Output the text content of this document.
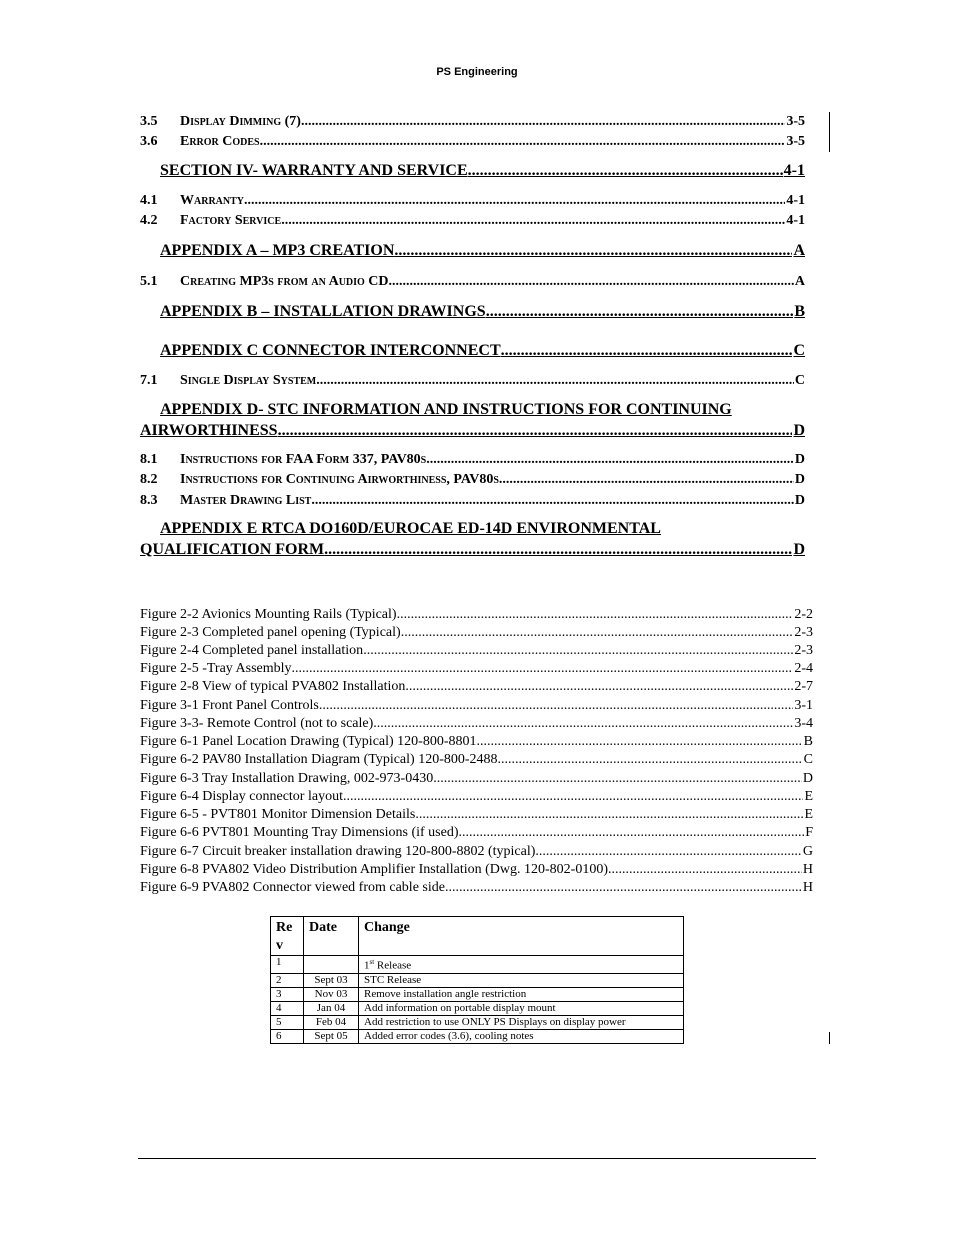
PS Engineering
3.5	Display Dimming (7) .....	3-5
3.6	Error Codes .....	3-5
SECTION IV- WARRANTY AND SERVICE .....	4-1
4.1	Warranty .....	4-1
4.2	Factory Service .....	4-1
APPENDIX A – MP3 CREATION .....	A
5.1	Creating MP3s from an Audio CD .....	A
APPENDIX B – INSTALLATION DRAWINGS .....	B
APPENDIX C CONNECTOR INTERCONNECT .....	C
7.1	Single Display System .....	C
APPENDIX D- STC INFORMATION AND INSTRUCTIONS FOR CONTINUING
AIRWORTHINESS .....	D
8.1	Instructions for FAA Form 337, PAV80s .....	D
8.2	Instructions for Continuing Airworthiness, PAV80s .....	D
8.3	Master Drawing List .....	D
APPENDIX E RTCA DO160D/EUROCAE ED-14D ENVIRONMENTAL
QUALIFICATION FORM .....	D
Figure 2-2 Avionics Mounting Rails (Typical) .....	2-2
Figure 2-3 Completed panel opening (Typical) .....	2-3
Figure 2-4 Completed panel installation .....	2-3
Figure 2-5 -Tray Assembly .....	2-4
Figure 2-8 View of typical PVA802 Installation .....	2-7
Figure 3-1 Front Panel Controls .....	3-1
Figure 3-3- Remote Control (not to scale) .....	3-4
Figure 6-1 Panel Location Drawing (Typical) 120-800-8801 .....	B
Figure 6-2 PAV80 Installation Diagram (Typical) 120-800-2488 .....	C
Figure 6-3 Tray Installation Drawing, 002-973-0430 .....	D
Figure 6-4 Display connector layout .....	E
Figure 6-5 - PVT801 Monitor Dimension Details .....	E
Figure 6-6 PVT801 Mounting Tray Dimensions (if used) .....	F
Figure 6-7 Circuit breaker installation drawing 120-800-8802 (typical) .....	G
Figure 6-8 PVA802 Video Distribution Amplifier Installation (Dwg. 120-802-0100) .....	H
Figure 6-9 PVA802 Connector viewed from cable side .....	H
Re v	Date	Change
1		1st Release
2	Sept 03	STC Release
3	Nov 03	Remove installation angle restriction
4	Jan 04	Add information on portable display mount
5	Feb 04	Add restriction to use ONLY PS Displays on display power
6	Sept 05	Added error codes (3.6), cooling notes
